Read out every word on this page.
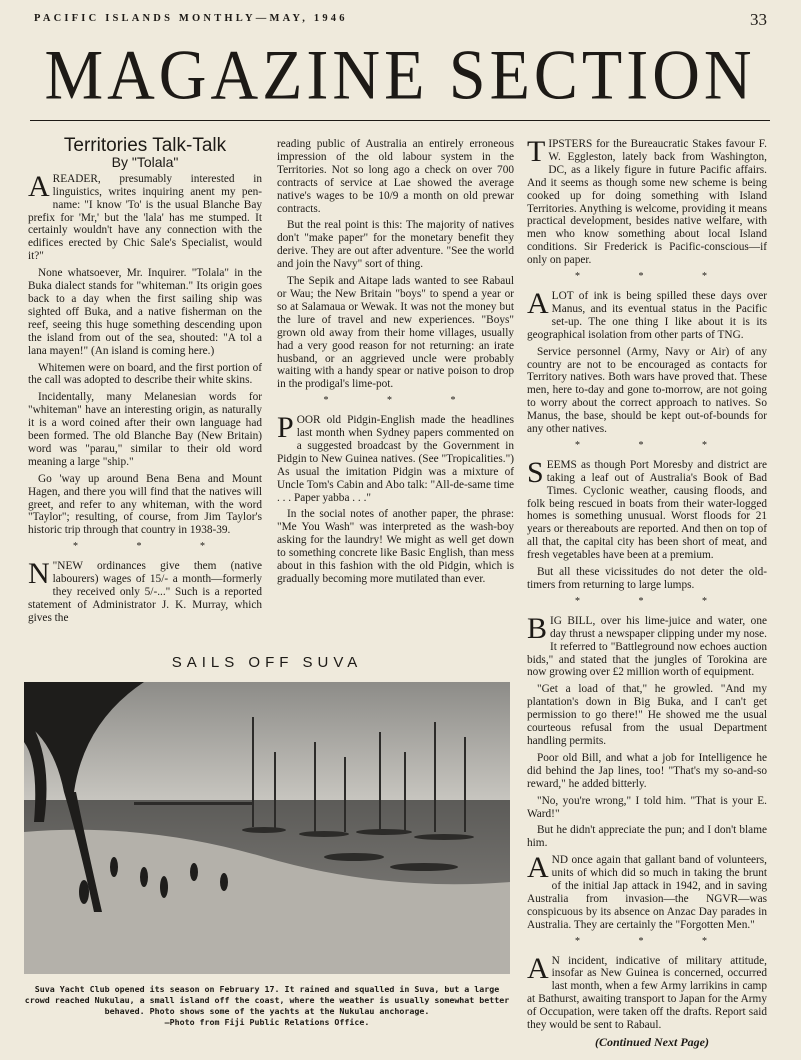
PACIFIC ISLANDS MONTHLY—MAY, 1946	33
MAGAZINE SECTION
Territories Talk-Talk
By "Tolala"

AREADER, presumably interested in linguistics, writes inquiring anent my pen-name: "I know 'To' is the usual Blanche Bay prefix for 'Mr,' but the 'lala' has me stumped. It certainly wouldn't have any connection with the edifices erected by Chic Sale's Specialist, would it?"

None whatsoever, Mr. Inquirer. "Tolala" in the Buka dialect stands for "whiteman." Its origin goes back to a day when the first sailing ship was sighted off Buka, and a native fisherman on the reef, seeing this huge something descending upon the island from out of the sea, shouted: "A tol a lana mayen!" (An island is coming here.)

Whitemen were on board, and the first portion of the call was adopted to describe their white skins.

Incidentally, many Melanesian words for "whiteman" have an interesting origin, as naturally it is a word coined after their own language had been formed. The old Blanche Bay (New Britain) word was "parau," similar to their old word meaning a large "ship."

Go 'way up around Bena Bena and Mount Hagen, and there you will find that the natives will greet, and refer to any whiteman, with the word "Taylor"; resulting, of course, from Jim Taylor's historic trip through that country in 1938-39.

* * *

N "NEW ordinances give them (native labourers) wages of 15/- a month—formerly they received only 5/-..." Such is a reported statement of Administrator J. K. Murray, which gives the

reading public of Australia an entirely erroneous impression of the old labour system in the Territories. Not so long ago a check on over 700 contracts of service at Lae showed the average native's wages to be 10/9 a month on old prewar contracts.

But the real point is this: The majority of natives don't "make paper" for the monetary benefit they derive. They are out after adventure. "See the world and join the Navy" sort of thing.

The Sepik and Aitape lads wanted to see Rabaul or Wau; the New Britain "boys" to spend a year or so at Salamaua or Wewak. It was not the money but the lure of travel and new experiences. "Boys" grown old away from their home villages, usually had a very good reason for not returning: an irate husband, or an aggrieved uncle were probably waiting with a handy spear or native poison to drop in the prodigal's lime-pot.

* * *

POOR old Pidgin-English made the headlines last month when Sydney papers commented on a suggested broadcast by the Government in Pidgin to New Guinea natives. (See "Tropicalities.") As usual the imitation Pidgin was a mixture of Uncle Tom's Cabin and Abo talk: "All-de-same time . . . Paper yabba . . ."

In the social notes of another paper, the phrase: "Me You Wash" was interpreted as the wash-boy asking for the laundry! We might as well get down to something concrete like Basic English, than mess about in this fashion with the old Pidgin, which is gradually becoming more mutilated than ever.

TIPSTERS for the Bureaucratic Stakes favour F. W. Eggleston, lately back from Washington, DC, as a likely figure in future Pacific affairs. And it seems as though some new scheme is being cooked up for doing something with Island Territories. Anything is welcome, providing it means practical development, besides native welfare, with men who know something about local Island conditions. Sir Frederick is Pacific-conscious—if only on paper.

* * *

ALOT of ink is being spilled these days over Manus, and its eventual status in the Pacific set-up. The one thing I like about it is its geographical isolation from other parts of TNG.

Service personnel (Army, Navy or Air) of any country are not to be encouraged as contacts for Territory natives. Both wars have proved that. These men, here to-day and gone to-morrow, are not going to worry about the correct approach to natives. So Manus, the base, should be kept out-of-bounds for any other natives.

* * *

SEEMS as though Port Moresby and district are taking a leaf out of Australia's Book of Bad Times. Cyclonic weather, causing floods, and folk being rescued in boats from their water-logged homes is something unusual. Worst floods for 21 years or thereabouts are reported. And then on top of all that, the capital city has been short of meat, and fresh vegetables have been at a premium.

But all these vicissitudes do not deter the old-timers from returning to large lumps.

* * *

BIG BILL, over his lime-juice and water, one day thrust a newspaper clipping under my nose. It referred to "Battleground now echoes auction bids," and stated that the jungles of Torokina are now growing over £2 million worth of equipment.

"Get a load of that," he growled. "And my plantation's down in Big Buka, and I can't get permission to go there!" He showed me the usual courteous refusal from the usual Department handling permits.

Poor old Bill, and what a job for Intelligence he did behind the Jap lines, too! "That's my so-and-so reward," he added bitterly.

"No, you're wrong," I told him. "That is your E. Ward!"

But he didn't appreciate the pun; and I don't blame him.

AND once again that gallant band of volunteers, units of which did so much in taking the brunt of the initial Jap attack in 1942, and in saving Australia from invasion—the NGVR—was conspicuous by its absence on Anzac Day parades in Australia. They are certainly the "Forgotten Men."

* * *

A N incident, indicative of military attitude, insofar as New Guinea is concerned, occurred last month, when a few Army larrikins in camp at Bathurst, awaiting transport to Japan for the Army of Occupation, were taken off the drafts. Report said they would be sent to Rabaul.

(Continued Next Page)

SAILS OFF SUVA
Suva Yacht Club opened its season on February 17. It rained and squalled in Suva, but a large crowd reached Nukulau, a small island off the coast, where the weather is usually somewhat better behaved. Photo shows some of the yachts at the Nukulau anchorage.
—Photo from Fiji Public Relations Office.
